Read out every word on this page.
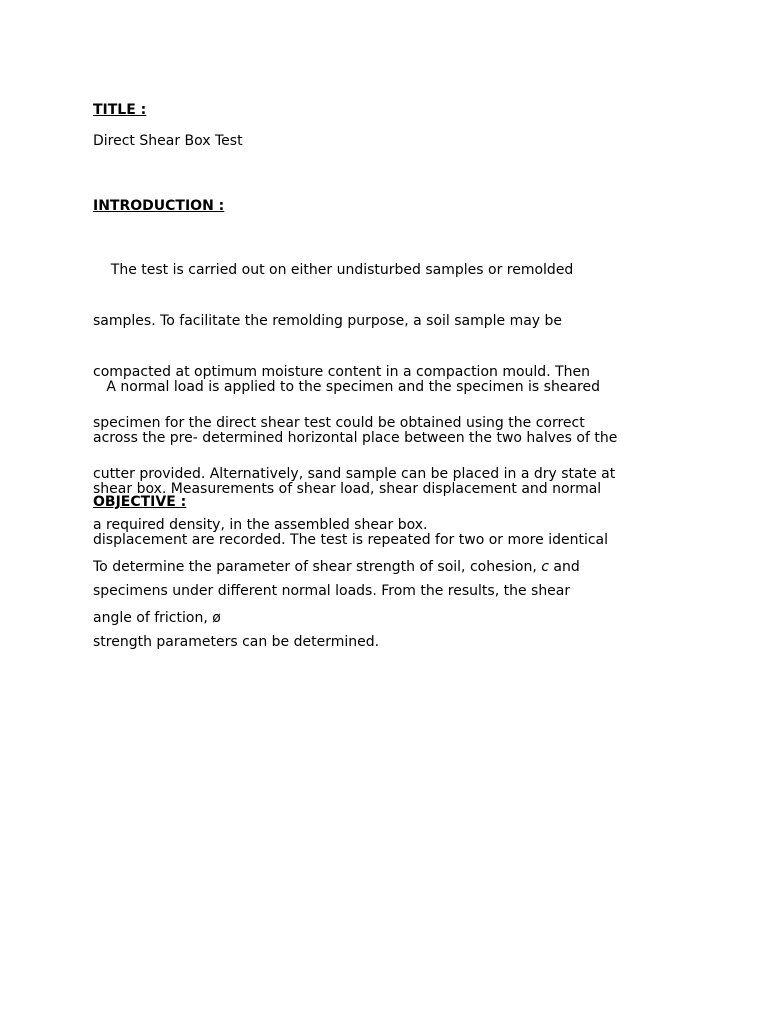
TITLE :
Direct Shear Box Test
INTRODUCTION :

The test is carried out on either undisturbed samples or remolded

samples. To facilitate the remolding purpose, a soil sample may be

compacted at optimum moisture content in a compaction mould. Then

specimen for the direct shear test could be obtained using the correct

cutter provided. Alternatively, sand sample can be placed in a dry state at

a required density, in the assembled shear box.

A normal load is applied to the specimen and the specimen is sheared

across the pre- determined horizontal place between the two halves of the

shear box. Measurements of shear load, shear displacement and normal

displacement are recorded. The test is repeated for two or more identical

specimens under different normal loads. From the results, the shear

strength parameters can be determined.

OBJECTIVE :

To determine the parameter of shear strength of soil, cohesion, c and

angle of friction, ø
